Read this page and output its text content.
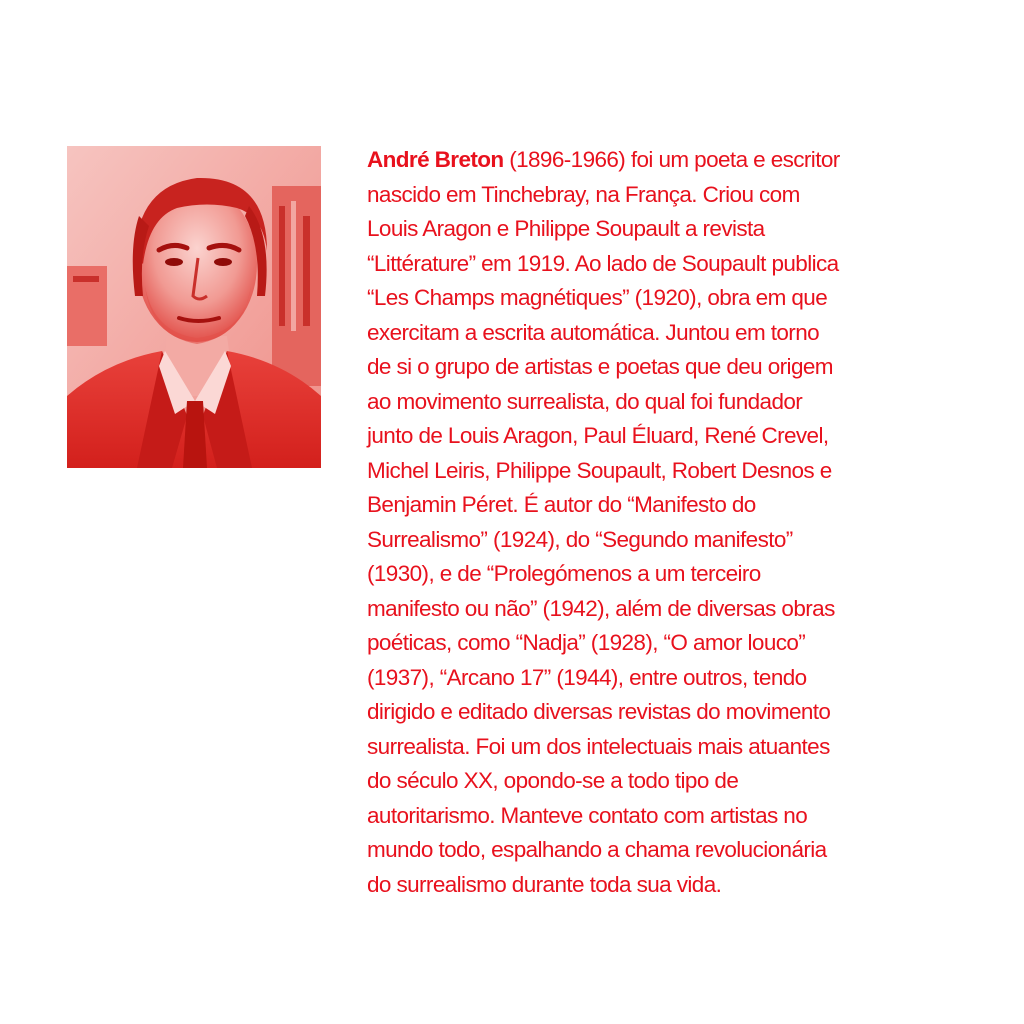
André Breton (1896-1966) foi um poeta e escritor
nascido em Tinchebray, na França. Criou com
Louis Aragon e Philippe Soupault a revista
“Littérature” em 1919. Ao lado de Soupault publica
“Les Champs magnétiques” (1920), obra em que
exercitam a escrita automática. Juntou em torno
de si o grupo de artistas e poetas que deu origem
ao movimento surrealista, do qual foi fundador
junto de Louis Aragon, Paul Éluard, René Crevel,
Michel Leiris, Philippe Soupault, Robert Desnos e
Benjamin Péret. É autor do “Manifesto do
Surrealismo” (1924), do “Segundo manifesto”
(1930), e de “Prolegómenos a um terceiro
manifesto ou não” (1942), além de diversas obras
poéticas, como “Nadja” (1928), “O amor louco”
(1937), “Arcano 17” (1944), entre outros, tendo
dirigido e editado diversas revistas do movimento
surrealista. Foi um dos intelectuais mais atuantes
do século XX, opondo-se a todo tipo de
autoritarismo. Manteve contato com artistas no
mundo todo, espalhando a chama revolucionária
do surrealismo durante toda sua vida.
